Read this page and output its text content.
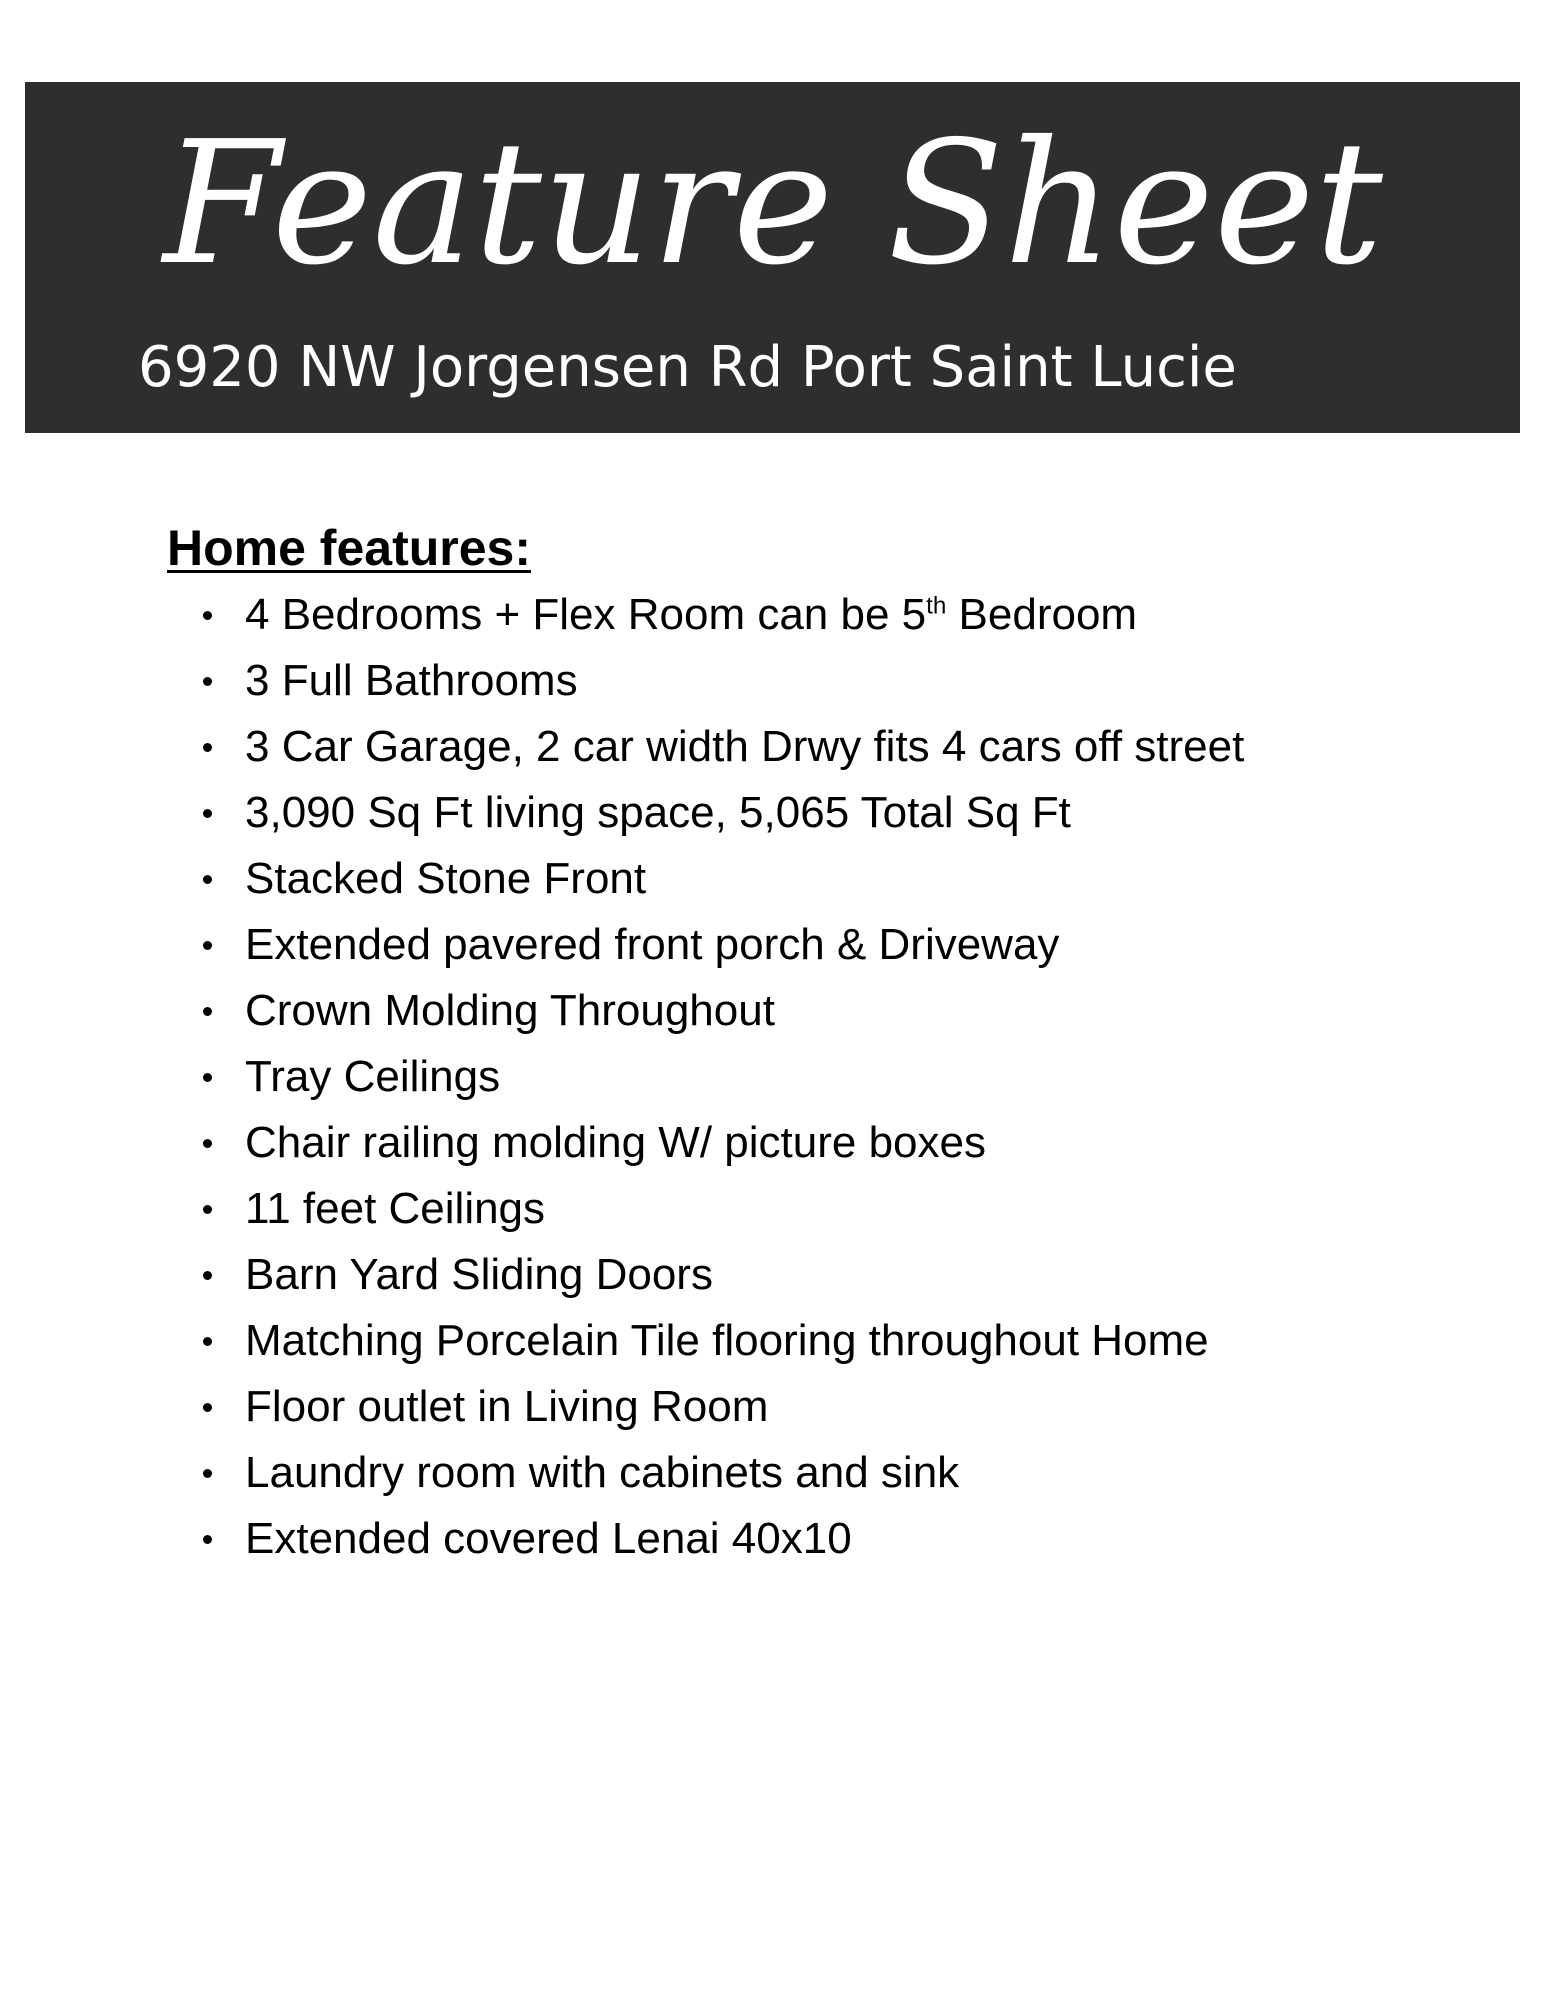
Feature Sheet

6920 NW Jorgensen Rd Port Saint Lucie

Home features:
4 Bedrooms + Flex Room can be 5th Bedroom
3 Full Bathrooms
3 Car Garage, 2 car width Drwy fits 4 cars off street
3,090 Sq Ft living space, 5,065 Total Sq Ft
Stacked Stone Front
Extended pavered front porch & Driveway
Crown Molding Throughout
Tray Ceilings
Chair railing molding W/ picture boxes
11 feet Ceilings
Barn Yard Sliding Doors
Matching Porcelain Tile flooring throughout Home
Floor outlet in Living Room
Laundry room with cabinets and sink
Extended covered Lenai 40x10
